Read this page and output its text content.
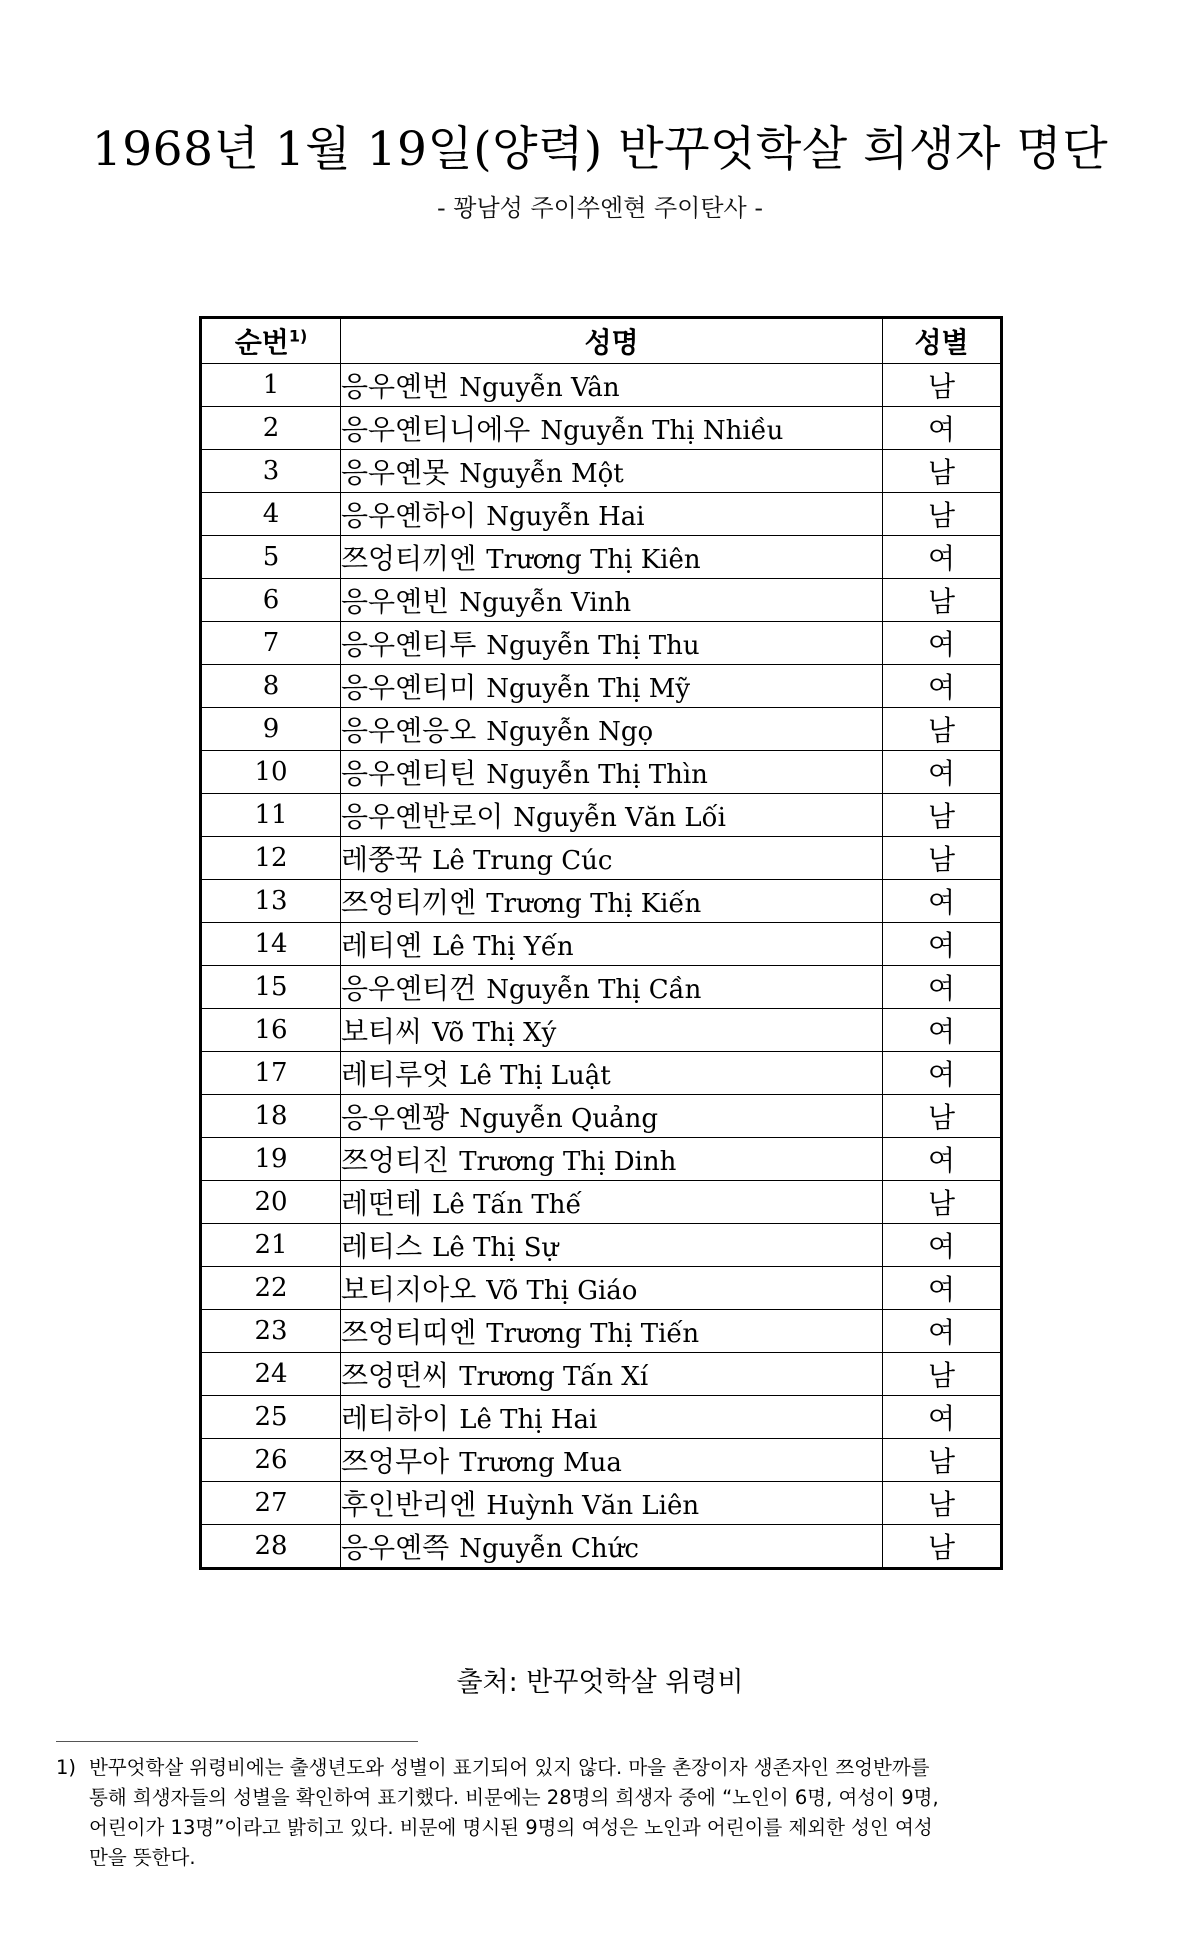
1968년 1월 19일(양력) 반꾸엇학살 희생자 명단
- 꽝남성 주이쑤엔현 주이탄사 -
순번$^{1)}$	성명	성별
1	응우옌번 Nguyễn Vân	남
2	응우옌티니에우 Nguyễn Thị Nhiều	여
3	응우옌못 Nguyễn Một	남
4	응우옌하이 Nguyễn Hai	남
5	쯔엉티끼엔 Trương Thị Kiên	여
6	응우옌빈 Nguyễn Vinh	남
7	응우옌티투 Nguyễn Thị Thu	여
8	응우옌티미 Nguyễn Thị Mỹ	여
9	응우옌응오 Nguyễn Ngọ	남
10	응우옌티틴 Nguyễn Thị Thìn	여
11	응우옌반로이 Nguyễn Văn Lối	남
12	레쭝꾹 Lê Trung Cúc	남
13	쯔엉티끼엔 Trương Thị Kiến	여
14	레티옌 Lê Thị Yến	여
15	응우옌티껀 Nguyễn Thị Cần	여
16	보티씨 Võ Thị Xý	여
17	레티루엇 Lê Thị Luật	여
18	응우옌꽝 Nguyễn Quảng	남
19	쯔엉티진 Trương Thị Dinh	여
20	레떤테 Lê Tấn Thế	남
21	레티스 Lê Thị Sự	여
22	보티지아오 Võ Thị Giáo	여
23	쯔엉티띠엔 Trương Thị Tiến	여
24	쯔엉떤씨 Trương Tấn Xí	남
25	레티하이 Lê Thị Hai	여
26	쯔엉무아 Trương Mua	남
27	후인반리엔 Huỳnh Văn Liên	남
28	응우옌쯕 Nguyễn Chức	남
출처: 반꾸엇학살 위령비
1) 반꾸엇학살 위령비에는 출생년도와 성별이 표기되어 있지 않다. 마을 촌장이자 생존자인 쯔엉반까를
통해 희생자들의 성별을 확인하여 표기했다. 비문에는 28명의 희생자 중에 “노인이 6명, 여성이 9명,
어린이가 13명”이라고 밝히고 있다. 비문에 명시된 9명의 여성은 노인과 어린이를 제외한 성인 여성
만을 뜻한다.
